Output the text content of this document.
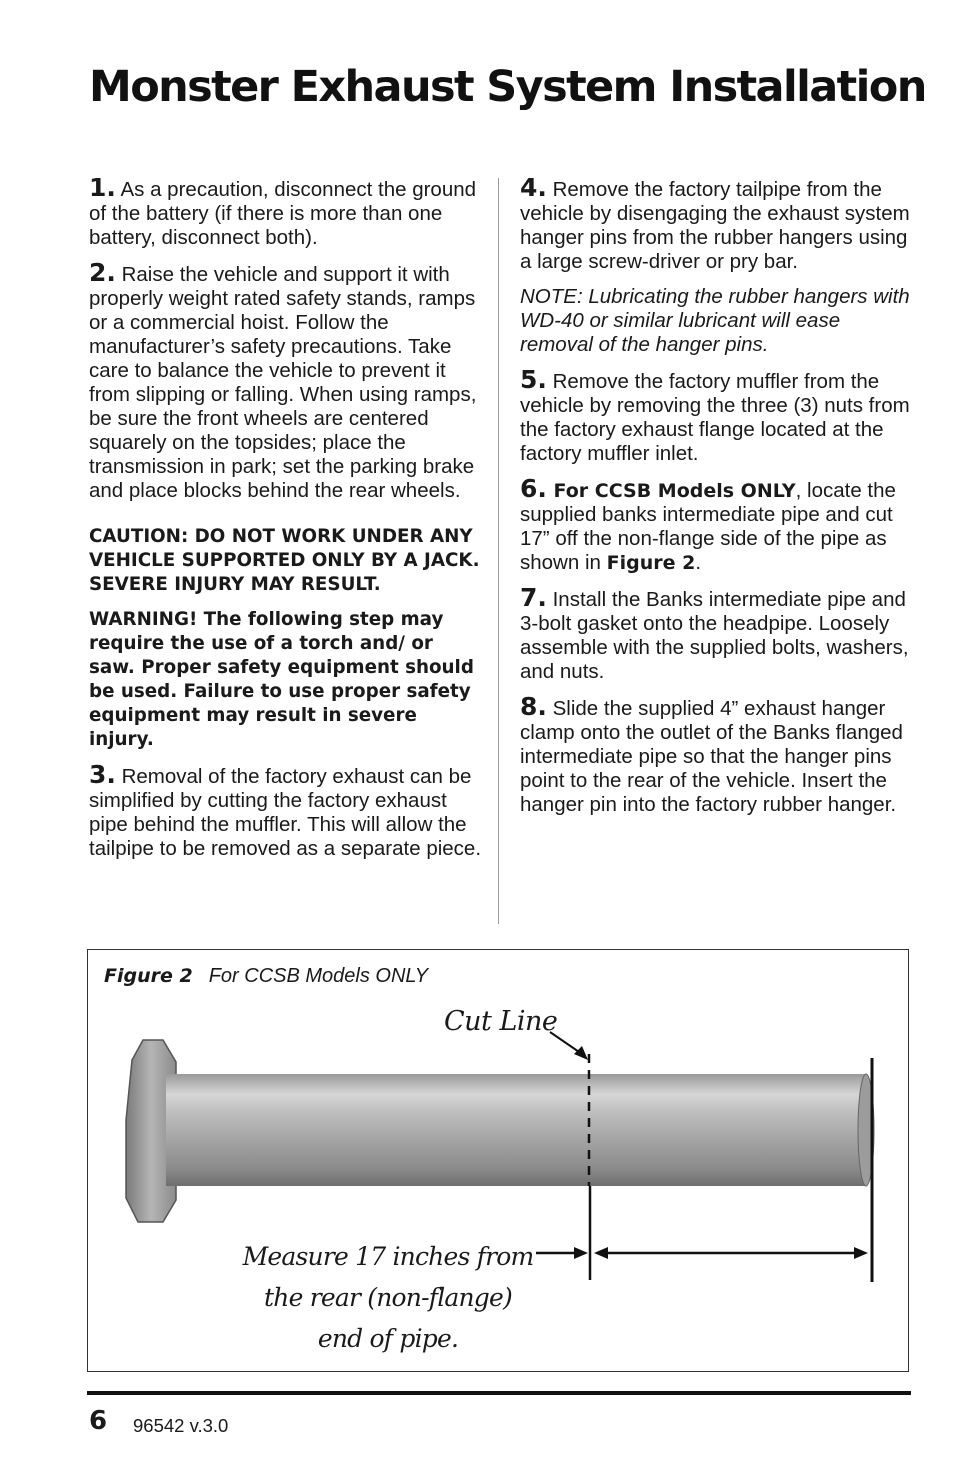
Monster Exhaust System Installation

1. As a precaution, disconnect the ground of the battery (if there is more than one battery, disconnect both).

2. Raise the vehicle and support it with properly weight rated safety stands, ramps or a commercial hoist. Follow the manufacturer’s safety precautions. Take care to balance the vehicle to prevent it from slipping or falling. When using ramps, be sure the front wheels are centered squarely on the topsides; place the transmission in park; set the parking brake and place blocks behind the rear wheels.

CAUTION: DO NOT WORK UNDER ANY VEHICLE SUPPORTED ONLY BY A JACK. SEVERE INJURY MAY RESULT.

WARNING! The following step may require the use of a torch and/ or saw. Proper safety equipment should be used. Failure to use proper safety equipment may result in severe injury.

3. Removal of the factory exhaust can be simplified by cutting the factory exhaust pipe behind the muffler. This will allow the tailpipe to be removed as a separate piece.

4. Remove the factory tailpipe from the vehicle by disengaging the exhaust system hanger pins from the rubber hangers using a large screw-driver or pry bar.

NOTE: Lubricating the rubber hangers with WD-40 or similar lubricant will ease removal of the hanger pins.

5. Remove the factory muffler from the vehicle by removing the three (3) nuts from the factory exhaust flange located at the factory muffler inlet.

6. For CCSB Models ONLY, locate the supplied banks intermediate pipe and cut 17” off the non-flange side of the pipe as shown in Figure 2.

7. Install the Banks intermediate pipe and 3-bolt gasket onto the headpipe. Loosely assemble with the supplied bolts, washers, and nuts.

8. Slide the supplied 4” exhaust hanger clamp onto the outlet of the Banks flanged intermediate pipe so that the hanger pins point to the rear of the vehicle. Insert the hanger pin into the factory rubber hanger.

Figure 2 For CCSB Models ONLY
Cut Line
Measure 17 inches from
the rear (non-flange)
end of pipe.
6 96542 v.3.0
